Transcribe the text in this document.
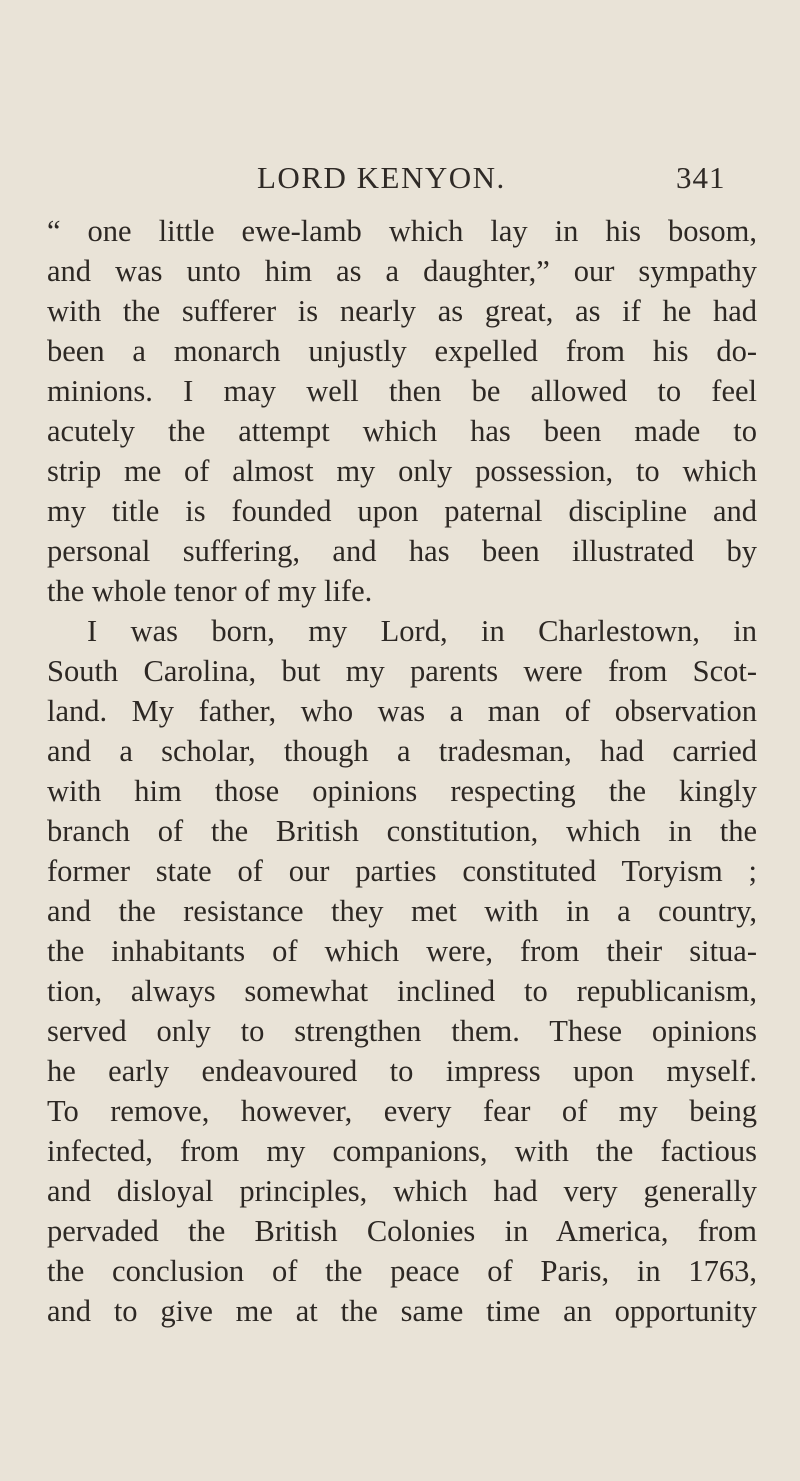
LORD KENYON.	341
“ one little ewe-lamb which lay in his bosom,
and was unto him as a daughter,” our sympathy
with the sufferer is nearly as great, as if he had
been a monarch unjustly expelled from his do-
minions. I may well then be allowed to feel
acutely the attempt which has been made to
strip me of almost my only possession, to which
my title is founded upon paternal discipline and
personal suffering, and has been illustrated by
the whole tenor of my life.
I was born, my Lord, in Charlestown, in
South Carolina, but my parents were from Scot-
land. My father, who was a man of observation
and a scholar, though a tradesman, had carried
with him those opinions respecting the kingly
branch of the British constitution, which in the
former state of our parties constituted Toryism ;
and the resistance they met with in a country,
the inhabitants of which were, from their situa-
tion, always somewhat inclined to republicanism,
served only to strengthen them. These opinions
he early endeavoured to impress upon myself.
To remove, however, every fear of my being
infected, from my companions, with the factious
and disloyal principles, which had very generally
pervaded the British Colonies in America, from
the conclusion of the peace of Paris, in 1763,
and to give me at the same time an opportunity
